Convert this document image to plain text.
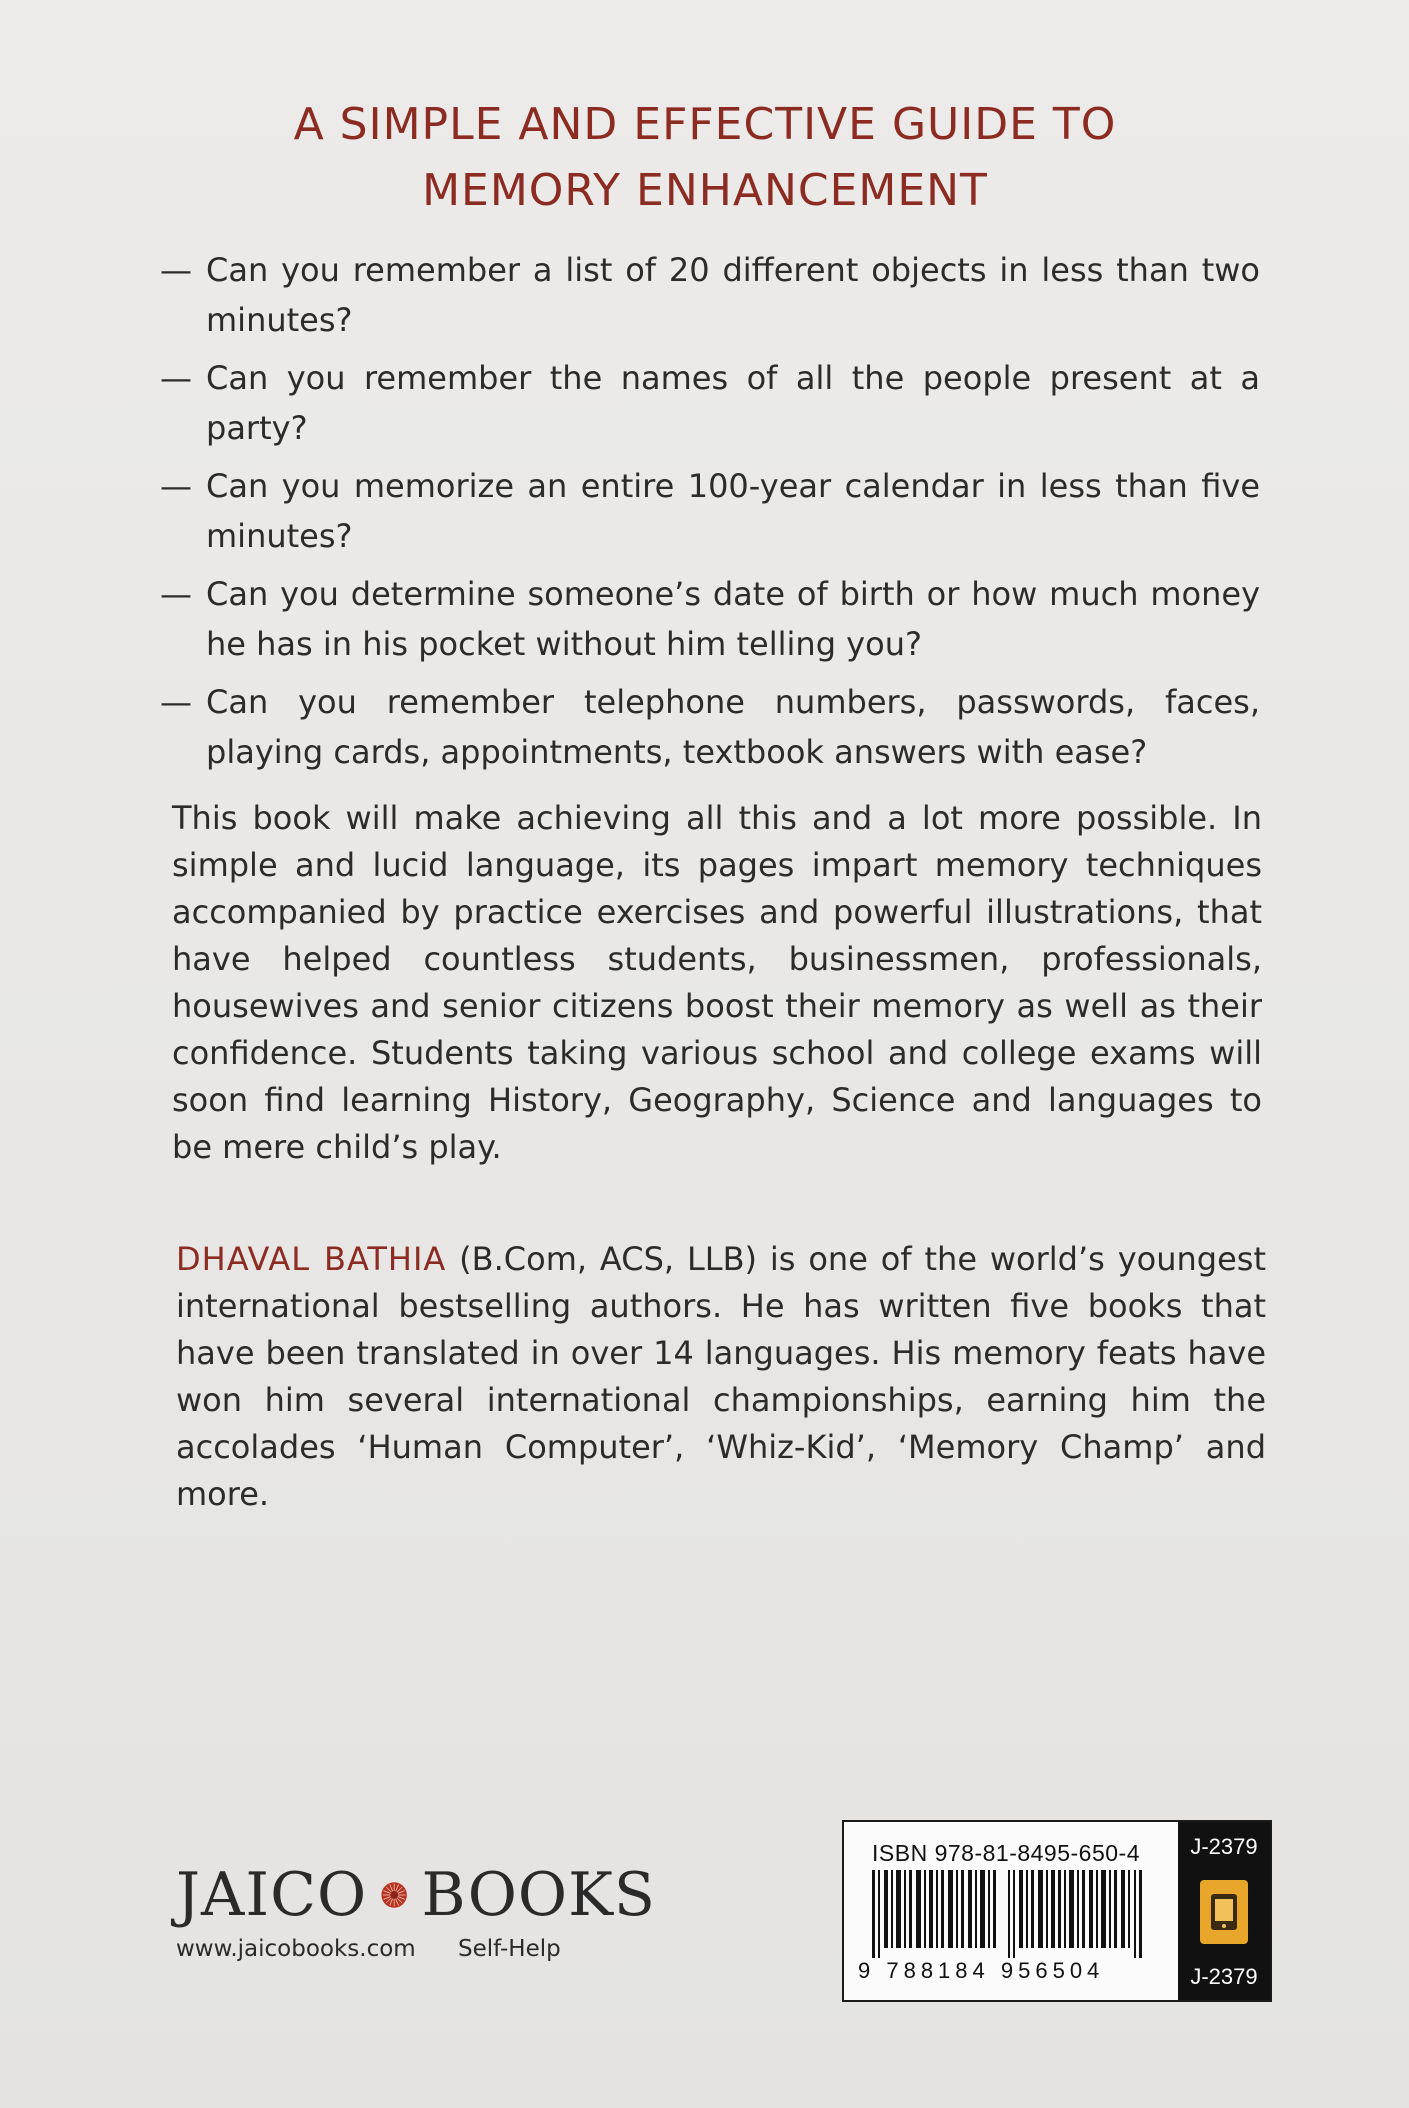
A SIMPLE AND EFFECTIVE GUIDE TO
MEMORY ENHANCEMENT
— Can you remember a list of 20 different objects in less than two minutes?
— Can you remember the names of all the people present at a party?
— Can you memorize an entire 100-year calendar in less than five minutes?
— Can you determine someone’s date of birth or how much money he has in his pocket without him telling you?
— Can you remember telephone numbers, passwords, faces, playing cards, appointments, textbook answers with ease?

This book will make achieving all this and a lot more possible. In simple and lucid language, its pages impart memory techniques accompanied by practice exercises and powerful illustrations, that have helped countless students, businessmen, professionals, housewives and senior citizens boost their memory as well as their confidence. Students taking various school and college exams will soon find learning History, Geography, Science and languages to be mere child’s play.

DHAVAL BATHIA (B.Com, ACS, LLB) is one of the world’s youngest international bestselling authors. He has written five books that have been translated in over 14 languages. His memory feats have won him several international championships, earning him the accolades ‘Human Computer’, ‘Whiz-Kid’, ‘Memory Champ’ and more.

JAICO BOOKS
www.jaicobooks.com	Self-Help
ISBN 978-81-8495-650-4
9 788184 956504
J-2379
J-2379
